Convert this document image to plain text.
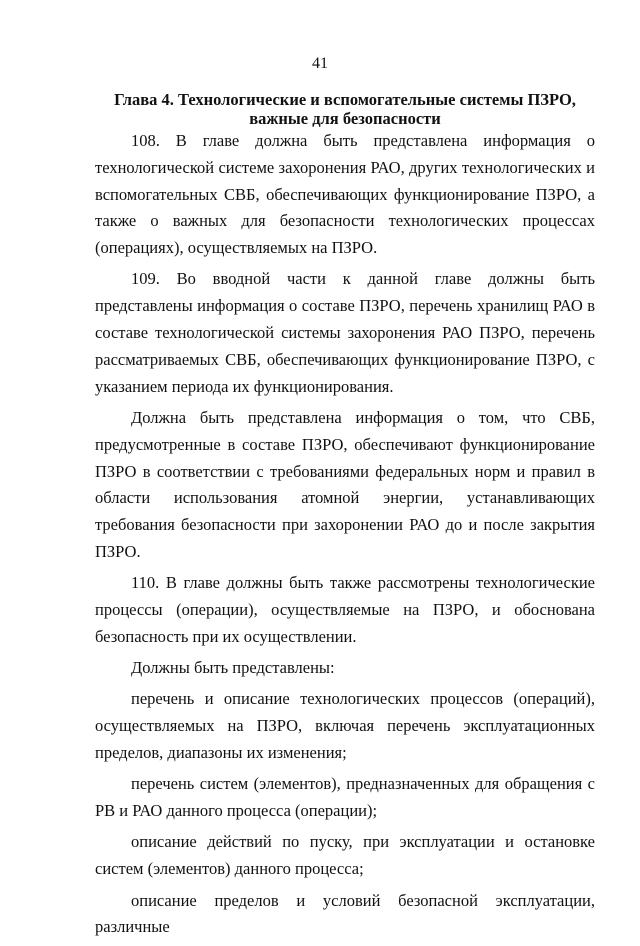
41
Глава 4. Технологические и вспомогательные системы ПЗРО, важные для безопасности

108. В главе должна быть представлена информация о технологической системе захоронения РАО, других технологических и вспомогательных СВБ, обеспечивающих функционирование ПЗРО, а также о важных для безопасности технологических процессах (операциях), осуществляемых на ПЗРО.

109. Во вводной части к данной главе должны быть представлены информация о составе ПЗРО, перечень хранилищ РАО в составе технологической системы захоронения РАО ПЗРО, перечень рассматриваемых СВБ, обеспечивающих функционирование ПЗРО, с указанием периода их функционирования.

Должна быть представлена информация о том, что СВБ, предусмотренные в составе ПЗРО, обеспечивают функционирование ПЗРО в соответствии с требованиями федеральных норм и правил в области использования атомной энергии, устанавливающих требования безопасности при захоронении РАО до и после закрытия ПЗРО.

110. В главе должны быть также рассмотрены технологические процессы (операции), осуществляемые на ПЗРО, и обоснована безопасность при их осуществлении.

Должны быть представлены:

перечень и описание технологических процессов (операций), осуществляемых на ПЗРО, включая перечень эксплуатационных пределов, диапазоны их изменения;

перечень систем (элементов), предназначенных для обращения с РВ и РАО данного процесса (операции);

описание действий по пуску, при эксплуатации и остановке систем (элементов) данного процесса;

описание пределов и условий безопасной эксплуатации, различные
